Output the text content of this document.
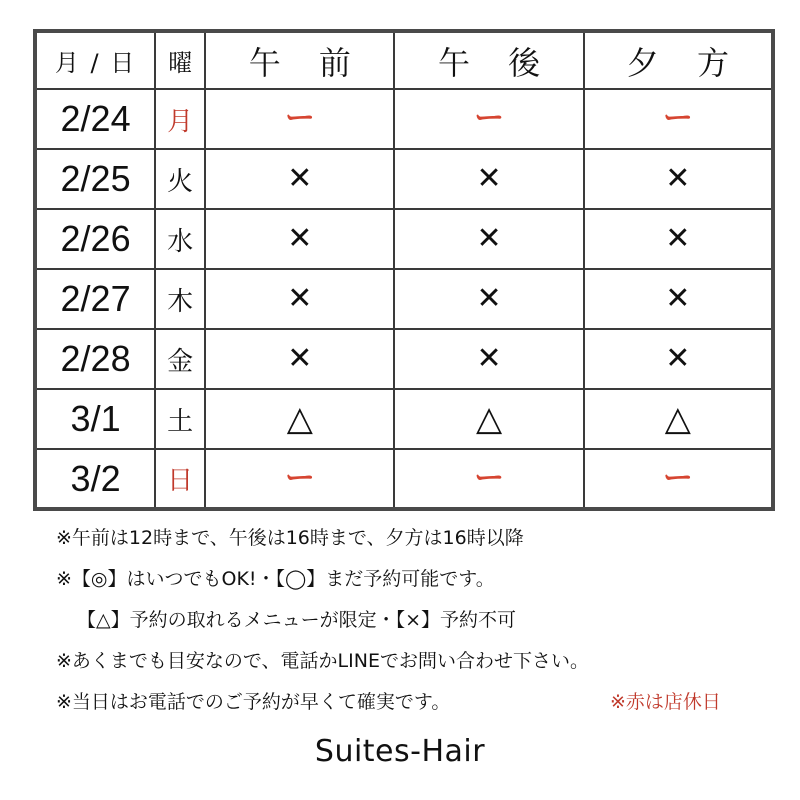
月 / 日	曜	午 前	午 後	夕 方
2/24	月	ー	ー	ー
2/25	火	✕	✕	✕
2/26	水	✕	✕	✕
2/27	木	✕	✕	✕
2/28	金	✕	✕	✕
3/1	土	△	△	△
3/2	日	ー	ー	ー
※午前は12時まで、午後は16時まで、夕方は16時以降
※【◎】はいつでもOK!・【◯】まだ予約可能です。
【△】予約の取れるメニューが限定・【×】予約不可
※あくまでも目安なので、電話かLINEでお問い合わせ下さい。
※当日はお電話でのご予約が早くて確実です。	※赤は店休日
Suites-Hair
